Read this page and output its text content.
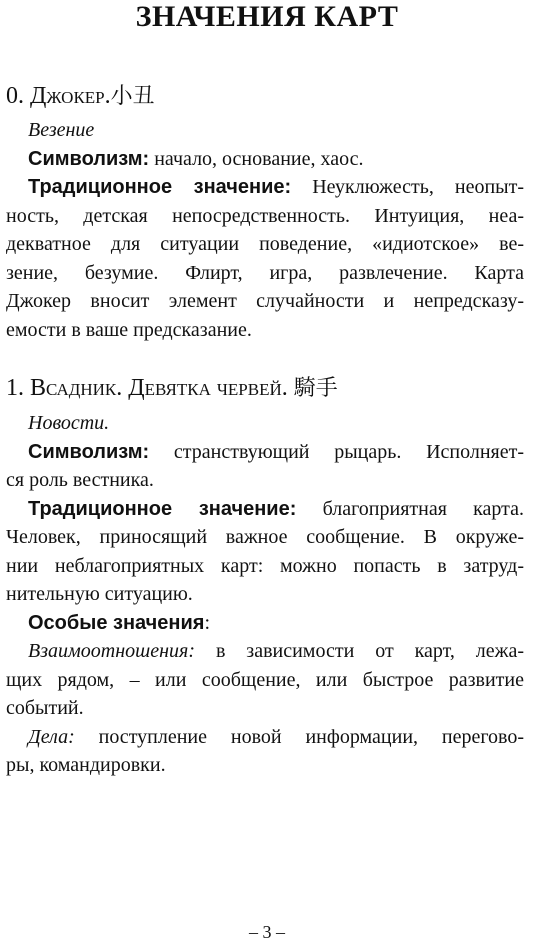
ЗНАЧЕНИЯ КАРТ
0. Джокер.小丑
Везение
Символизм: начало, основание, хаос.
Традиционное значение: Неуклюжесть, неопыт-
ность, детская непосредственность. Интуиция, неа-
декватное для ситуации поведение, «идиотское» ве-
зение, безумие. Флирт, игра, развлечение. Карта
Джокер вносит элемент случайности и непредсказу-
емости в ваше предсказание.
1. Всадник. Девятка червей. 騎手
Новости.
Символизм: странствующий рыцарь. Исполняет-
ся роль вестника.
Традиционное значение: благоприятная карта.
Человек, приносящий важное сообщение. В окруже-
нии неблагоприятных карт: можно попасть в затруд-
нительную ситуацию.
Особые значения:
Взаимоотношения: в зависимости от карт, лежа-
щих рядом, – или сообщение, или быстрое развитие
событий.
Дела: поступление новой информации, перегово-
ры, командировки.
– 3 –
